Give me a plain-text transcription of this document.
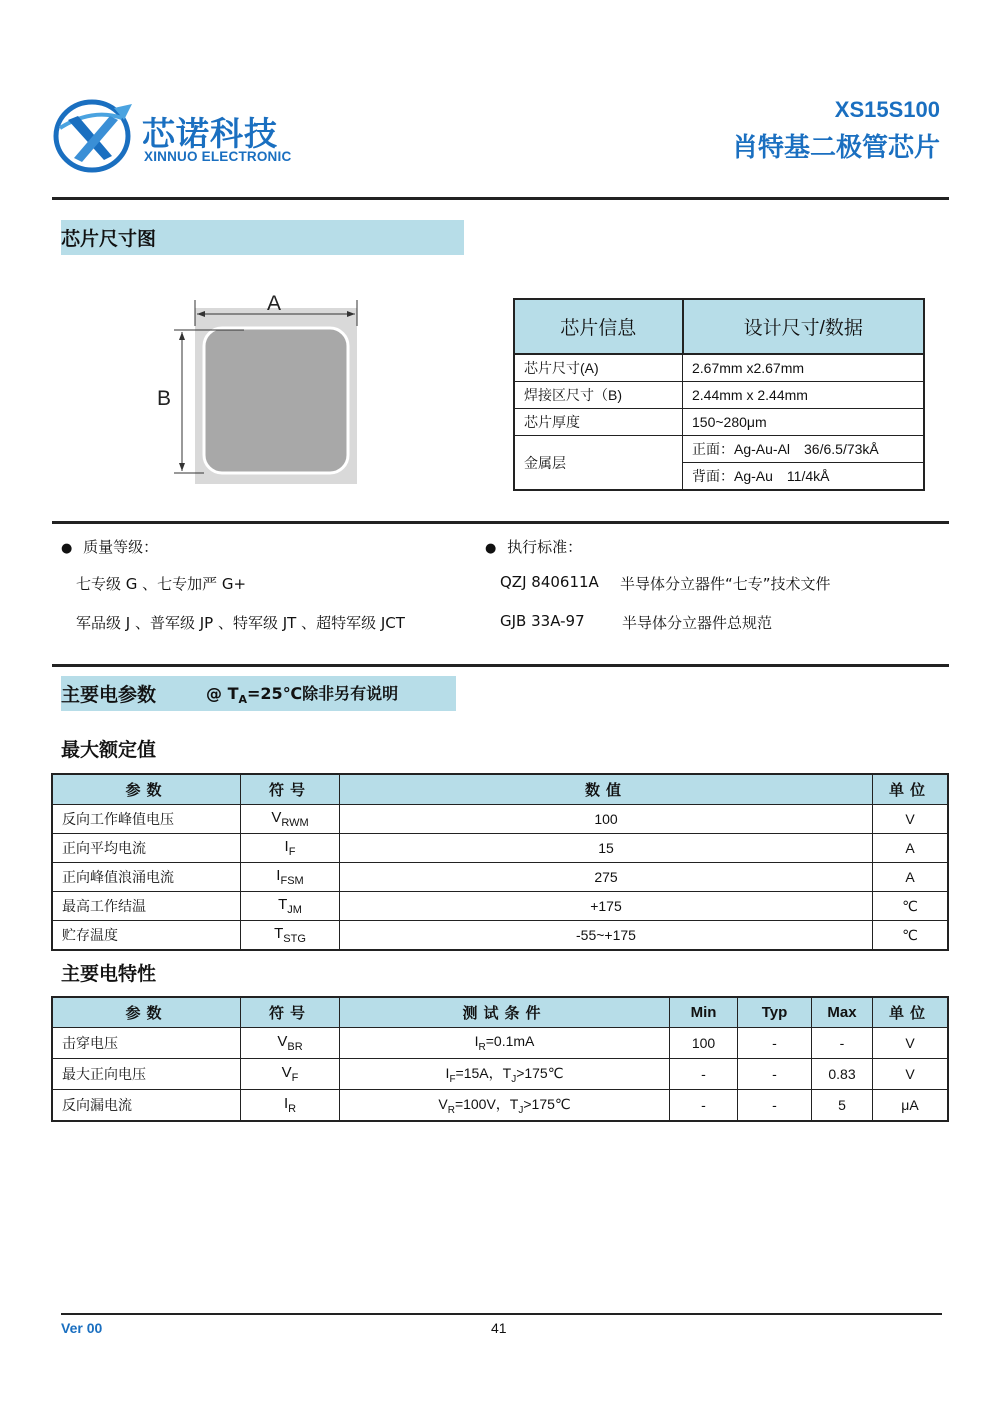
芯诺科技
XINNUO ELECTRONIC
XS15S100
肖特基二极管芯片
芯片尺寸图
A
B
芯片信息	设计尺寸/数据
芯片尺寸(A)	2.67mm x2.67mm
焊接区尺寸（B)	2.44mm x 2.44mm
芯片厚度	150~280μm
金属层	正面：Ag-Au-Al　36/6.5/73kÅ
	背面：Ag-Au　11/4kÅ
● 质量等级：
七专级 G 、七专加严 G+
军品级 J 、普军级 JP 、特军级 JT 、超特军级 JCT
● 执行标准：
QZJ 840611A 半导体分立器件“七专”技术文件
GJB 33A-97 半导体分立器件总规范
主要电参数	@ $T_A=25℃$除非另有说明
最大额定值
参数	符号	数值	单位
反向工作峰值电压	$V_{RWM}$	100	V
正向平均电流	$I_F$	15	A
正向峰值浪涌电流	$I_{FSM}$	275	A
最高工作结温	$T_{JM}$	+175	℃
贮存温度	$T_{STG}$	-55~+175	℃
主要电特性
参数	符号	测试条件	Min	Typ	Max	单位
击穿电压	$V_{BR}$	$I_R=0.1mA$	100	-	-	V
最大正向电压	$V_F$	$I_F=15A$，$T_J>175℃$	-	-	0.83	V
反向漏电流	$I_R$	$V_R=100V$，$T_J>175℃$	-	-	5	μA
Ver 00	41
